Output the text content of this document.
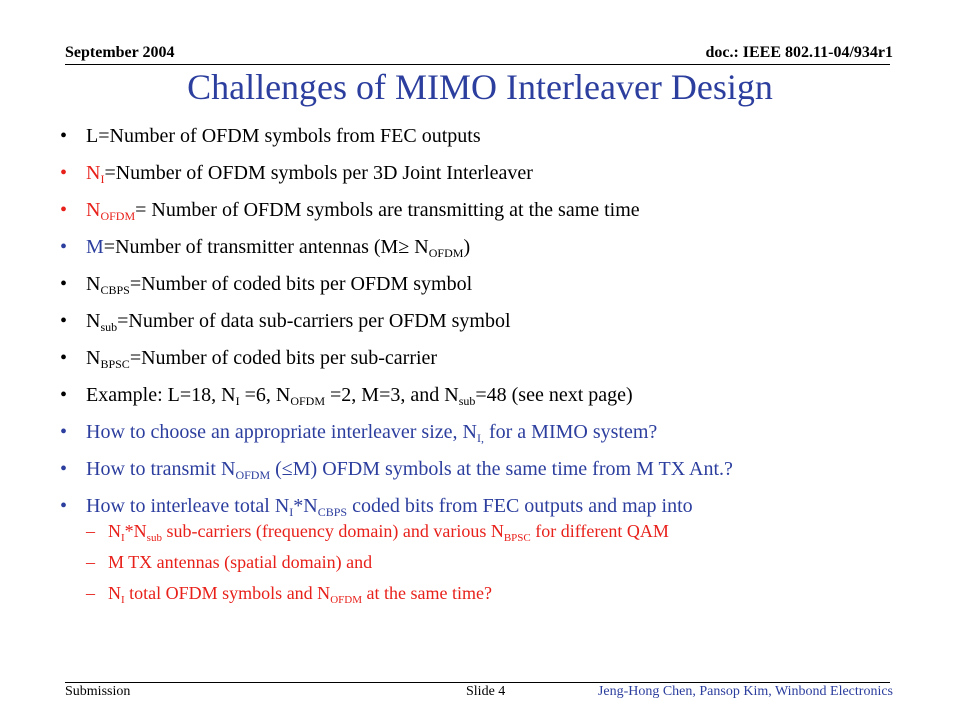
September 2004	doc.: IEEE 802.11-04/934r1
Challenges of MIMO Interleaver Design
• L=Number of OFDM symbols from FEC outputs
• $N_I=Number$ of OFDM symbols per 3D Joint Interleaver
• $N_{OFDM}=$ Number of OFDM symbols are transmitting at the same time
• M=Number of transmitter antennas $(M\ge N_{OFDM})$
• $N_{CBPS}=Number$ of coded bits per OFDM symbol
• $N_{sub}=Number$ of data sub-carriers per OFDM symbol
• $N_{BPSC}=Number$ of coded bits per sub-carrier
• Example: L=18, $N_I =6$, $N_{OFDM} =2$, M=3, and $N_{sub}=48$ (see next page)
• How to choose an appropriate interleaver size, $N_{I,}$ for a MIMO system?
• How to transmit $N_{OFDM}$ (≤M) OFDM symbols at the same time from M TX Ant.?
• How to interleave total $N_I*N_{CBPS}$ coded bits from FEC outputs and map into
– $N_I*N_{sub}$ sub-carriers (frequency domain) and various $N_{BPSC}$ for different QAM
– M TX antennas (spatial domain) and
– $N_I$ total OFDM symbols and $N_{OFDM}$ at the same time?
Submission	Slide 4	Jeng-Hong Chen, Pansop Kim, Winbond Electronics
